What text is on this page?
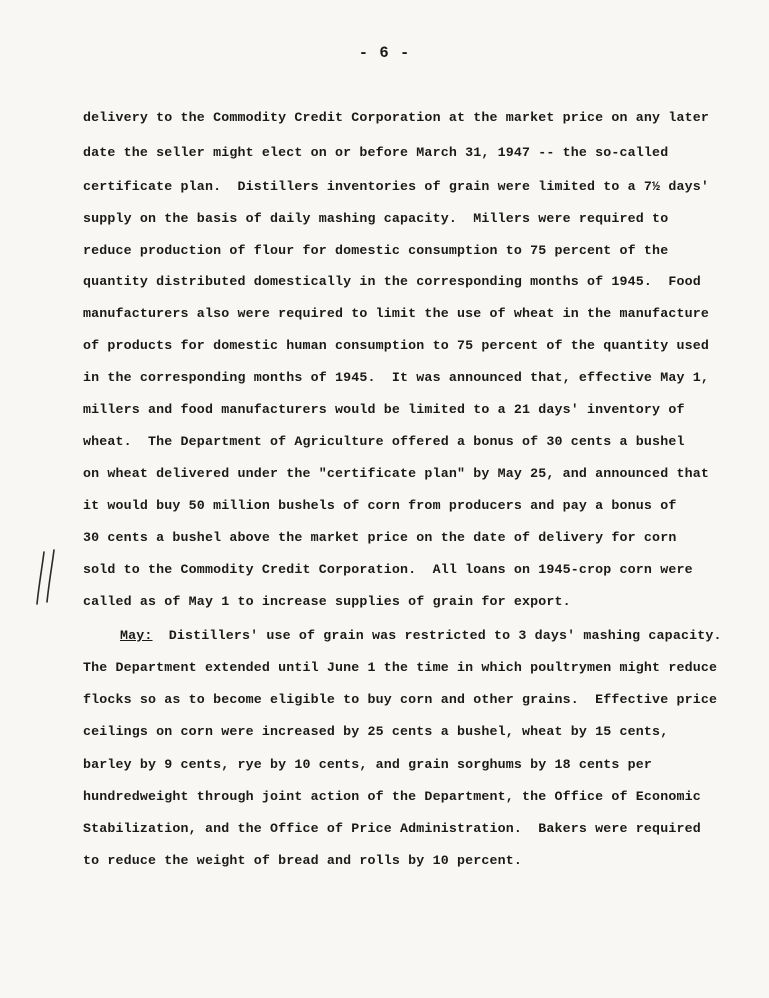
- 6 -
delivery to the Commodity Credit Corporation at the market price on any later
date the seller might elect on or before March 31, 1947 -- the so-called
certificate plan.  Distillers inventories of grain were limited to a 7½ days'
supply on the basis of daily mashing capacity.  Millers were required to
reduce production of flour for domestic consumption to 75 percent of the
quantity distributed domestically in the corresponding months of 1945.  Food
manufacturers also were required to limit the use of wheat in the manufacture
of products for domestic human consumption to 75 percent of the quantity used
in the corresponding months of 1945.  It was announced that, effective May 1,
millers and food manufacturers would be limited to a 21 days' inventory of
wheat.  The Department of Agriculture offered a bonus of 30 cents a bushel
on wheat delivered under the "certificate plan" by May 25, and announced that
it would buy 50 million bushels of corn from producers and pay a bonus of
30 cents a bushel above the market price on the date of delivery for corn
sold to the Commodity Credit Corporation.  All loans on 1945-crop corn were
called as of May 1 to increase supplies of grain for export.
May:  Distillers' use of grain was restricted to 3 days' mashing capacity.
The Department extended until June 1 the time in which poultrymen might reduce
flocks so as to become eligible to buy corn and other grains.  Effective price
ceilings on corn were increased by 25 cents a bushel, wheat by 15 cents,
barley by 9 cents, rye by 10 cents, and grain sorghums by 18 cents per
hundredweight through joint action of the Department, the Office of Economic
Stabilization, and the Office of Price Administration.  Bakers were required
to reduce the weight of bread and rolls by 10 percent.
